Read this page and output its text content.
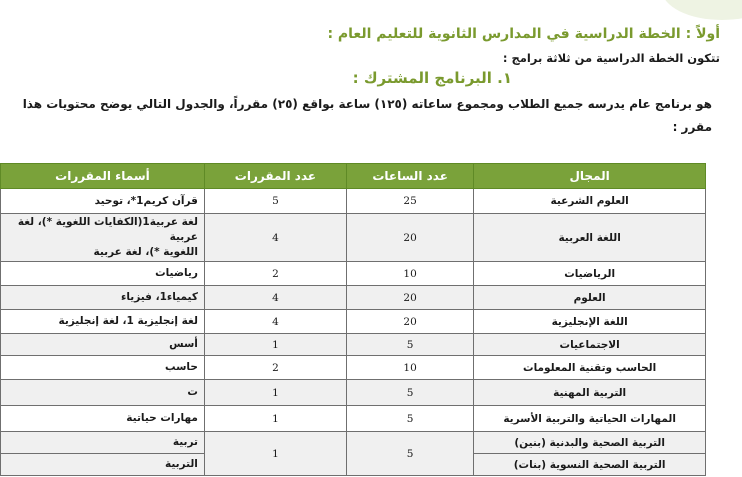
أولاً : الخطة الدراسية في المدارس الثانوية للتعليم العام :
تتكون الخطة الدراسية من ثلاثة برامج :
١. البرنامج المشترك :
هو برنامج عام يدرسه جميع الطلاب ومجموع ساعاته (١٢٥) ساعة بواقع (٢٥) مقرراً، والجدول التالي يوضح محتويات هذا
مقرر :
المجال	عدد الساعات	عدد المقررات	أسماء المقررات
العلوم الشرعية	25	5	قرآن كريم1*، توحيد
اللغة العربية	20	4	لغة عربية1(الكفايات اللغوية *)، لغة عربية
اللغوية *)، لغة عربية

الرياضيات	10	2	رياضيات
العلوم	20	4	كيمياء1، فيزياء
اللغة الإنجليزية	20	4	لغة إنجليزية 1، لغة إنجليزية
الاجتماعيات	5	1	أسس
الحاسب وتقنية المعلومات	10	2	حاسب
التربية المهنية	5	1	ت
المهارات الحياتية والتربية الأسرية	5	1	مهارات حياتية
التربية الصحية والبدنية (بنين)	5	1	تربية
التربية الصحية النسوية (بنات)			التربية
